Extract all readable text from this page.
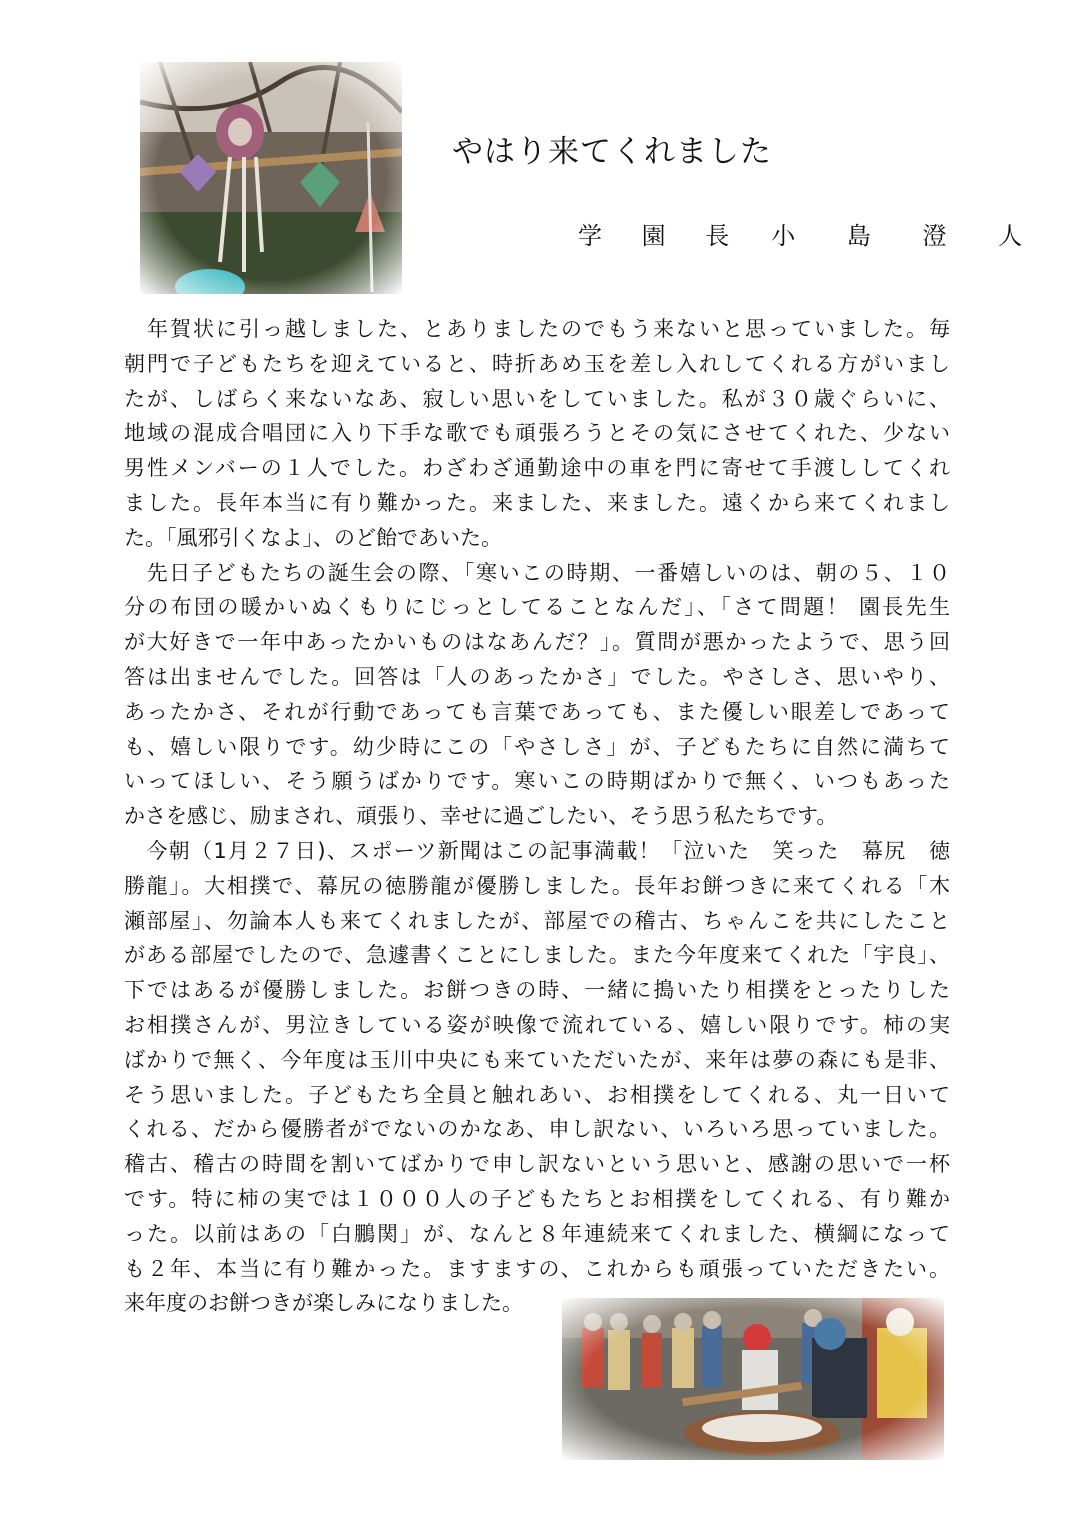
やはり来てくれました
学 園 長 小 島 澄 人
　年賀状に引っ越しました、とありましたのでもう来ないと思っていました。毎
朝門で子どもたちを迎えていると、時折あめ玉を差し入れしてくれる方がいまし
たが、しばらく来ないなあ、寂しい思いをしていました。私が３０歳ぐらいに、
地域の混成合唱団に入り下手な歌でも頑張ろうとその気にさせてくれた、少ない
男性メンバーの１人でした。わざわざ通勤途中の車を門に寄せて手渡ししてくれ
ました。長年本当に有り難かった。来ました、来ました。遠くから来てくれまし
た。「風邪引くなよ」、のど飴であいた。
　先日子どもたちの誕生会の際、「寒いこの時期、一番嬉しいのは、朝の５、１０
分の布団の暖かいぬくもりにじっとしてることなんだ」、「さて問題！ 園長先生
が大好きで一年中あったかいものはなあんだ？」。質問が悪かったようで、思う回
答は出ませんでした。回答は「人のあったかさ」でした。やさしさ、思いやり、
あったかさ、それが行動であっても言葉であっても、また優しい眼差しであって
も、嬉しい限りです。幼少時にこの「やさしさ」が、子どもたちに自然に満ちて
いってほしい、そう願うばかりです。寒いこの時期ばかりで無く、いつもあった
かさを感じ、励まされ、頑張り、幸せに過ごしたい、そう思う私たちです。
　今朝（1月２７日)、スポーツ新聞はこの記事満載！「泣いた　笑った　幕尻　徳
勝龍」。大相撲で、幕尻の徳勝龍が優勝しました。長年お餅つきに来てくれる「木
瀬部屋」、勿論本人も来てくれましたが、部屋での稽古、ちゃんこを共にしたこと
がある部屋でしたので、急遽書くことにしました。また今年度来てくれた「宇良」、
下ではあるが優勝しました。お餅つきの時、一緒に搗いたり相撲をとったりした
お相撲さんが、男泣きしている姿が映像で流れている、嬉しい限りです。柿の実
ばかりで無く、今年度は玉川中央にも来ていただいたが、来年は夢の森にも是非、
そう思いました。子どもたち全員と触れあい、お相撲をしてくれる、丸一日いて
くれる、だから優勝者がでないのかなあ、申し訳ない、いろいろ思っていました。
稽古、稽古の時間を割いてばかりで申し訳ないという思いと、感謝の思いで一杯
です。特に柿の実では１０００人の子どもたちとお相撲をしてくれる、有り難か
った。以前はあの「白鵬関」が、なんと８年連続来てくれました、横綱になって
も２年、本当に有り難かった。ますますの、これからも頑張っていただきたい。
来年度のお餅つきが楽しみになりました。
